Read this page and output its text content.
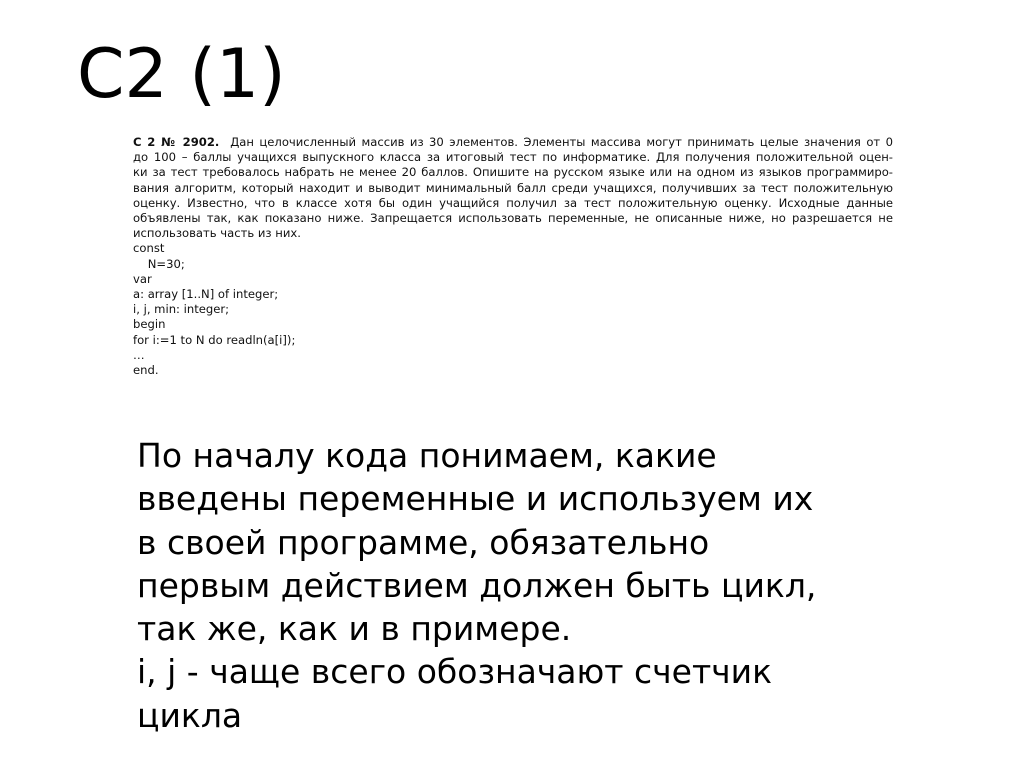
C2 (1)
С 2 № 2902. Дан целочисленный массив из 30 элементов. Элементы массива могут принимать целые значения от 0
до 100 – баллы учащихся выпускного класса за итоговый тест по информатике. Для получения положительной оцен-
ки за тест требовалось набрать не менее 20 баллов. Опишите на русском языке или на одном из языков программиро-
вания алгоритм, который находит и выводит минимальный балл среди учащихся, получивших за тест положительную
оценку. Известно, что в классе хотя бы один учащийся получил за тест положительную оценку. Исходные данные
объявлены так, как показано ниже. Запрещается использовать переменные, не описанные ниже, но разрешается не
использовать часть из них.
const
N=30;
var
a: array [1..N] of integer;
i, j, min: integer;
begin
for i:=1 to N do readln(a[i]);
…
end.
По началу кода понимаем, какие
введены переменные и используем их
в своей программе, обязательно
первым действием должен быть цикл,
так же, как и в примере.
i, j - чаще всего обозначают счетчик
цикла
